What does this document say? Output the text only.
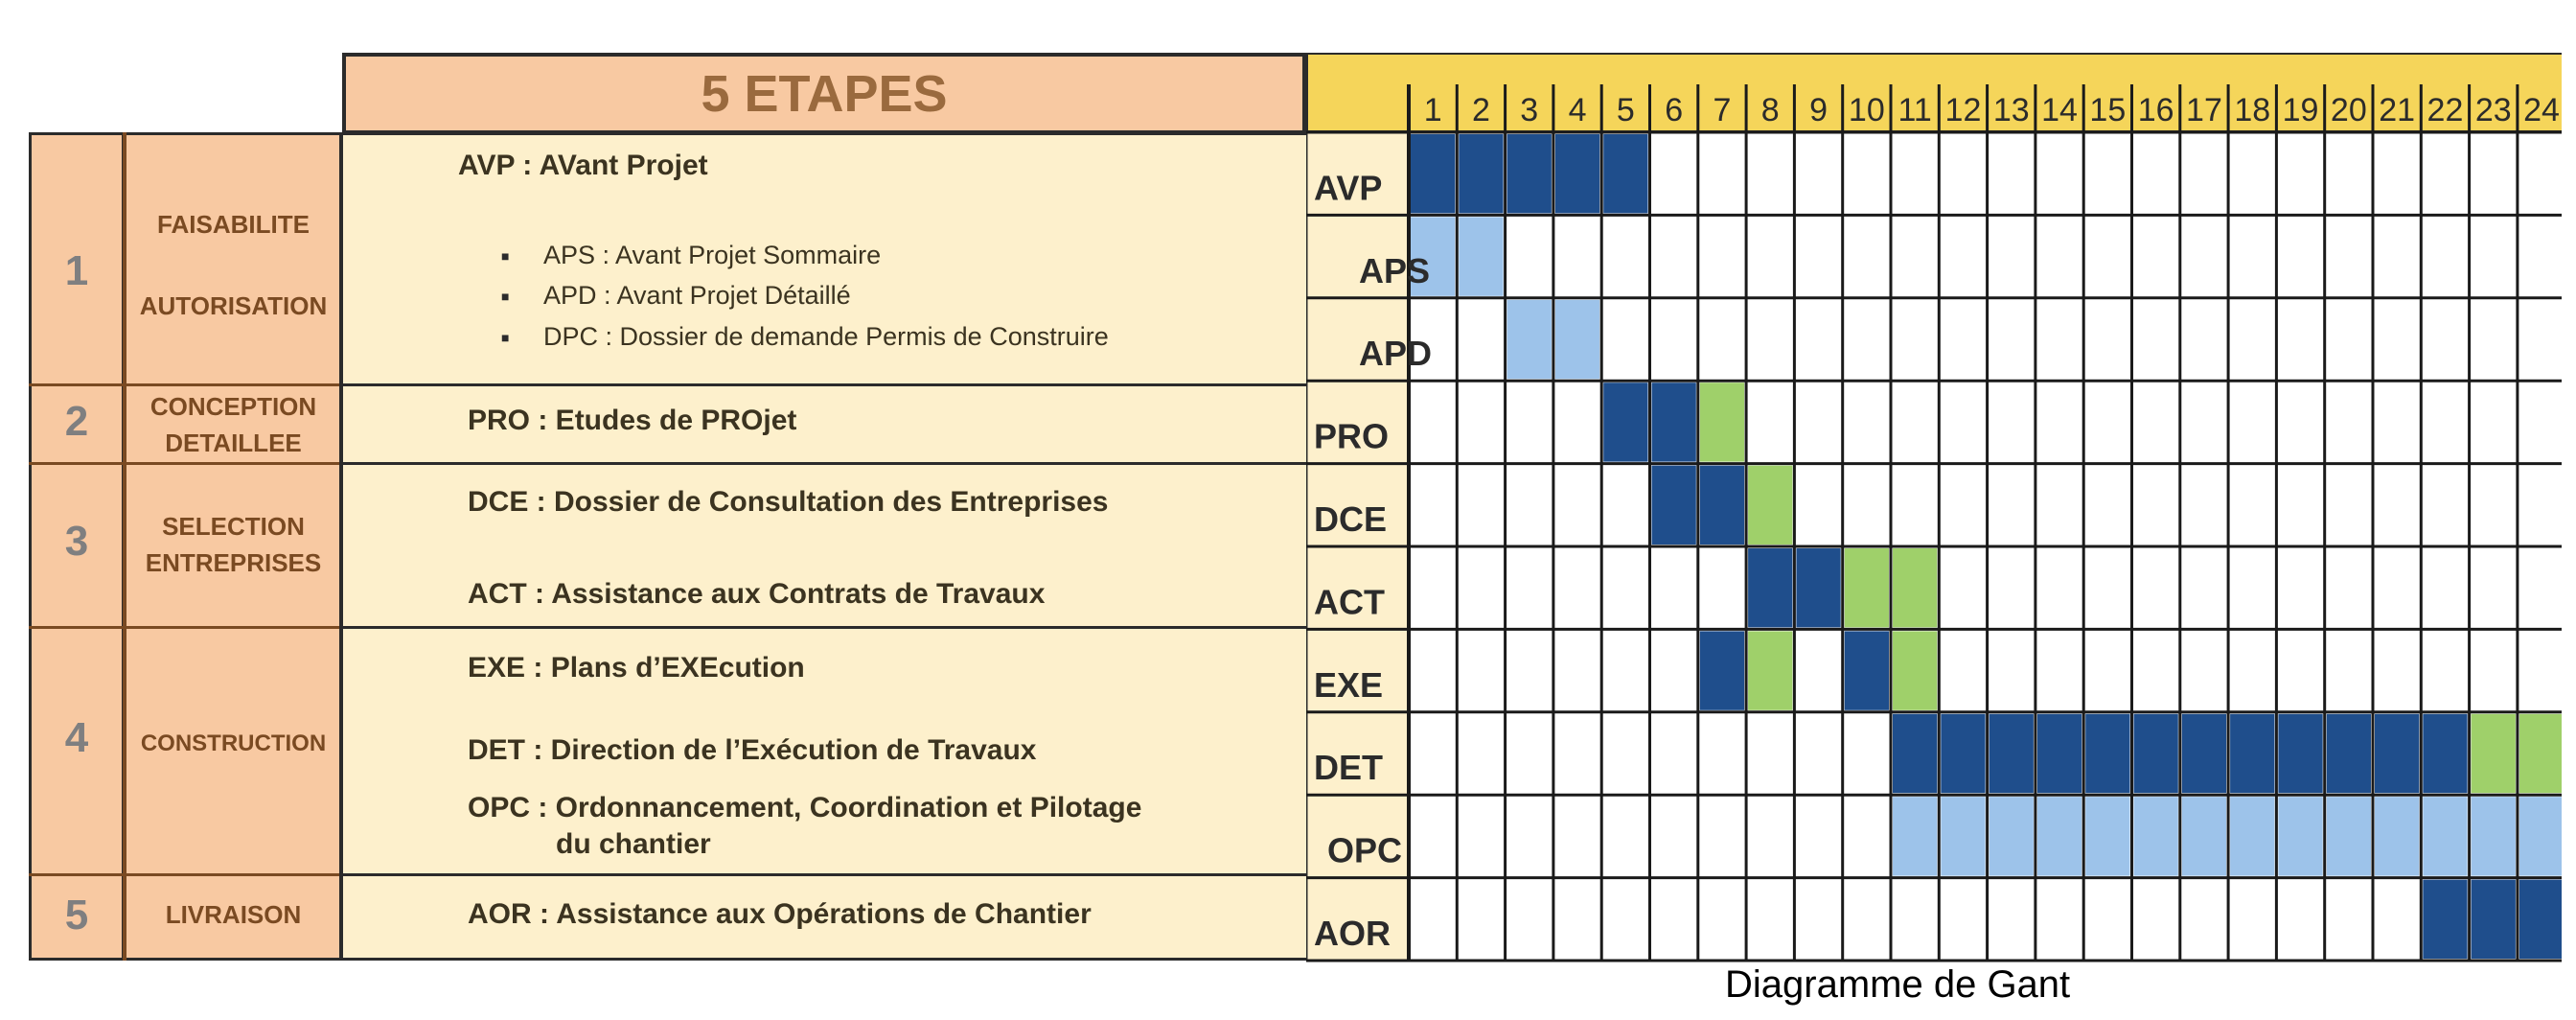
5 ETAPES
1
2
3
4
5
FAISABILITE
AUTORISATION
CONCEPTION
DETAILLEE
SELECTION
ENTREPRISES
CONSTRUCTION
LIVRAISON
AVP : AVant Projet
■ APS : Avant Projet Sommaire
■ APD : Avant Projet Détaillé
■ DPC : Dossier de demande Permis de Construire
PRO : Etudes de PROjet
DCE : Dossier de Consultation des Entreprises
ACT : Assistance aux Contrats de Travaux
EXE : Plans d’EXEcution
DET : Direction de l’Exécution de Travaux
OPC : Ordonnancement, Coordination et Pilotage
du chantier
AOR : Assistance aux Opérations de Chantier
1 2 3 4 5 6 7 8 9 10 11 12 13 14 15 16 17 18 19 20 21 22 23 24
AVP
APS
APD
PRO
DCE
ACT
EXE
DET
OPC
AOR
Diagramme de Gant
